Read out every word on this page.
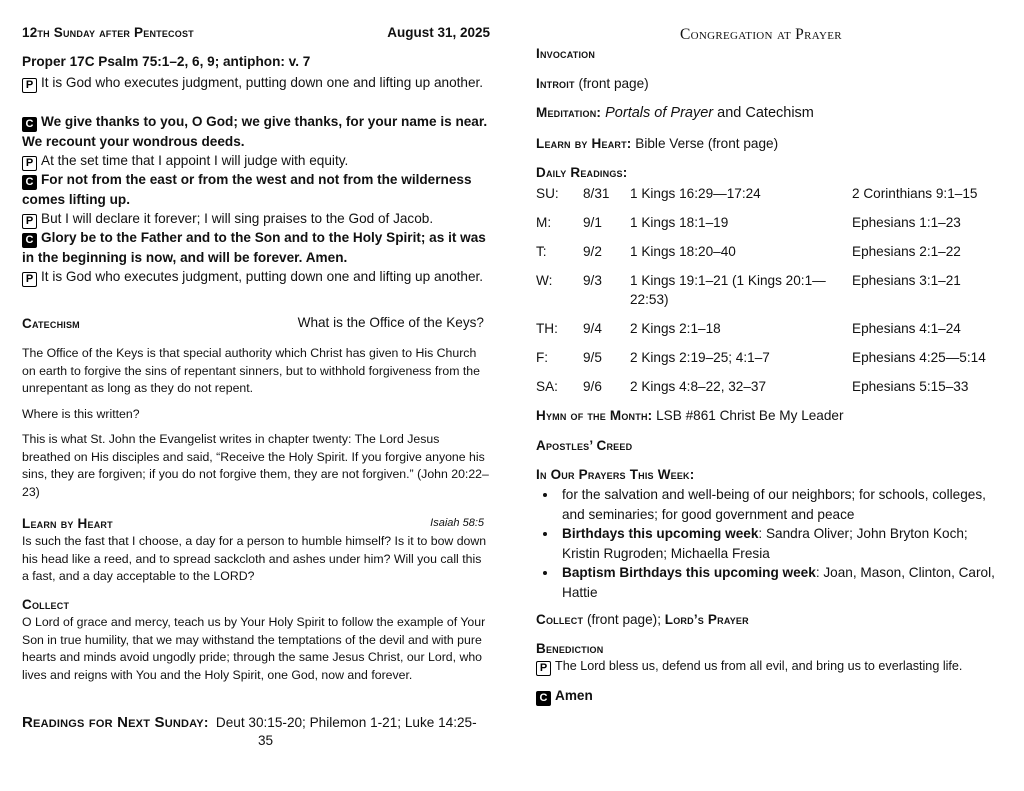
12th Sunday after Pentecost	August 31, 2025
Proper 17C Psalm 75:1–2, 6, 9; antiphon: v. 7
P It is God who executes judgment, putting down one and lifting up another.
C We give thanks to you, O God; we give thanks, for your name is near. We recount your wondrous deeds.
P At the set time that I appoint I will judge with equity.
C For not from the east or from the west and not from the wilderness comes lifting up.
P But I will declare it forever; I will sing praises to the God of Jacob.
C Glory be to the Father and to the Son and to the Holy Spirit; as it was in the beginning is now, and will be forever. Amen.
P It is God who executes judgment, putting down one and lifting up another.
Catechism	What is the Office of the Keys?
The Office of the Keys is that special authority which Christ has given to His Church on earth to forgive the sins of repentant sinners, but to withhold forgiveness from the unrepentant as long as they do not repent.
Where is this written?
This is what St. John the Evangelist writes in chapter twenty: The Lord Jesus breathed on His disciples and said, “Receive the Holy Spirit. If you forgive anyone his sins, they are forgiven; if you do not forgive them, they are not forgiven.” (John 20:22–23)
Learn by Heart	Isaiah 58:5
Is such the fast that I choose, a day for a person to humble himself? Is it to bow down his head like a reed, and to spread sackcloth and ashes under him? Will you call this a fast, and a day acceptable to the LORD?
Collect
O Lord of grace and mercy, teach us by Your Holy Spirit to follow the example of Your Son in true humility, that we may withstand the temptations of the devil and with pure hearts and minds avoid ungodly pride; through the same Jesus Christ, our Lord, who lives and reigns with You and the Holy Spirit, one God, now and forever.
Readings for Next Sunday: Deut 30:15-20; Philemon 1-21; Luke 14:25-
35
Congregation at Prayer
Invocation
Introit (front page)
Meditation: Portals of Prayer and Catechism
Learn by Heart: Bible Verse (front page)
Daily Readings:
SU:	8/31	1 Kings 16:29—17:24	2 Corinthians 9:1–15
M:	9/1	1 Kings 18:1–19	Ephesians 1:1–23
T:	9/2	1 Kings 18:20–40	Ephesians 2:1–22
W:	9/3	1 Kings 19:1–21 (1 Kings 20:1—22:53)	Ephesians 3:1–21
TH:	9/4	2 Kings 2:1–18	Ephesians 4:1–24
F:	9/5	2 Kings 2:19–25; 4:1–7	Ephesians 4:25—5:14
SA:	9/6	2 Kings 4:8–22, 32–37	Ephesians 5:15–33
Hymn of the Month: LSB #861 Christ Be My Leader
Apostles’ Creed
In Our Prayers This Week:
• for the salvation and well-being of our neighbors; for schools, colleges, and seminaries; for good government and peace
• Birthdays this upcoming week: Sandra Oliver; John Bryton Koch; Kristin Rugroden; Michaella Fresia
• Baptism Birthdays this upcoming week: Joan, Mason, Clinton, Carol, Hattie
Collect (front page); Lord’s Prayer
Benediction
P The Lord bless us, defend us from all evil, and bring us to everlasting life.
C Amen
